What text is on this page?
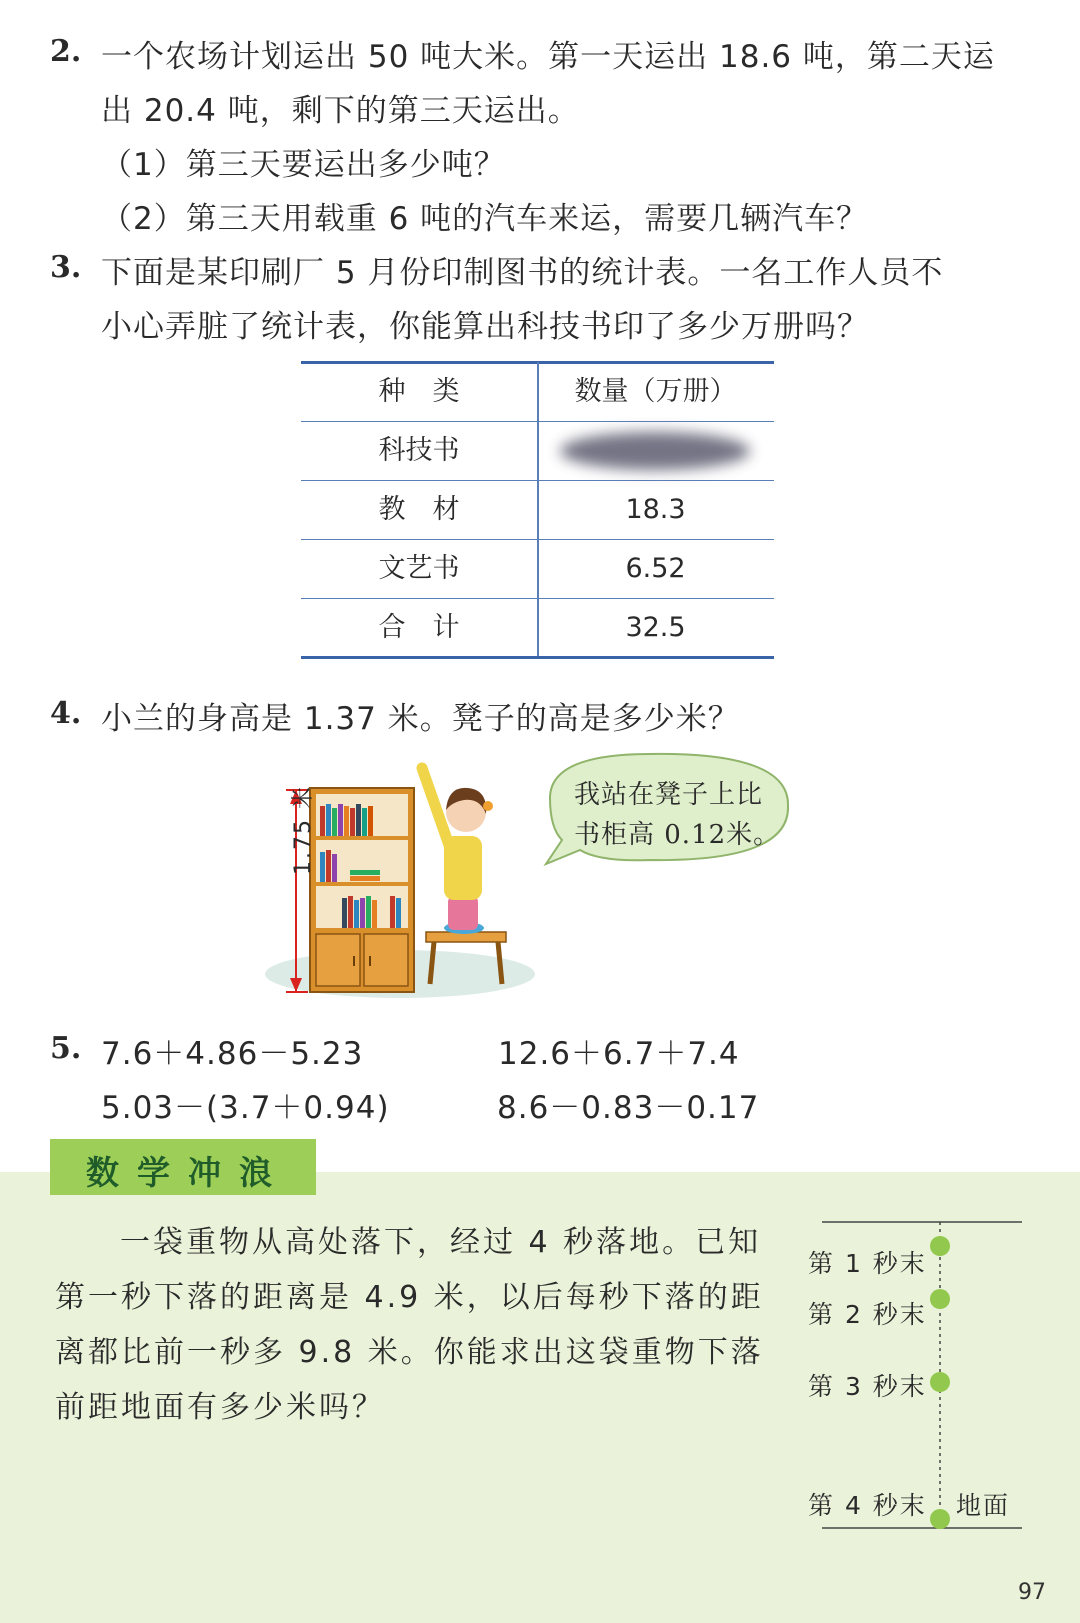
2. 一个农场计划运出 50 吨大米。第一天运出 18.6 吨，第二天运
出 20.4 吨，剩下的第三天运出。
（1）第三天要运出多少吨？
（2）第三天用载重 6 吨的汽车来运，需要几辆汽车？
3. 下面是某印刷厂 5 月份印制图书的统计表。一名工作人员不
小心弄脏了统计表，你能算出科技书印了多少万册吗？
种　类	数量（万册）
科技书
教　材	18.3
文艺书	6.52
合　计	32.5
4. 小兰的身高是 1.37 米。凳子的高是多少米？
1.75 米	我站在凳子上比
书柜高 0.12米。
5. 7.6＋4.86－5.23	12.6＋6.7＋7.4
5.03－(3.7＋0.94)	8.6－0.83－0.17
数学冲浪
一袋重物从高处落下，经过 4 秒落地。已知
第一秒下落的距离是 4.9 米，以后每秒下落的距
离都比前一秒多 9.8 米。你能求出这袋重物下落
前距地面有多少米吗？
第 1 秒末
第 2 秒末
第 3 秒末
第 4 秒末 地面
97
